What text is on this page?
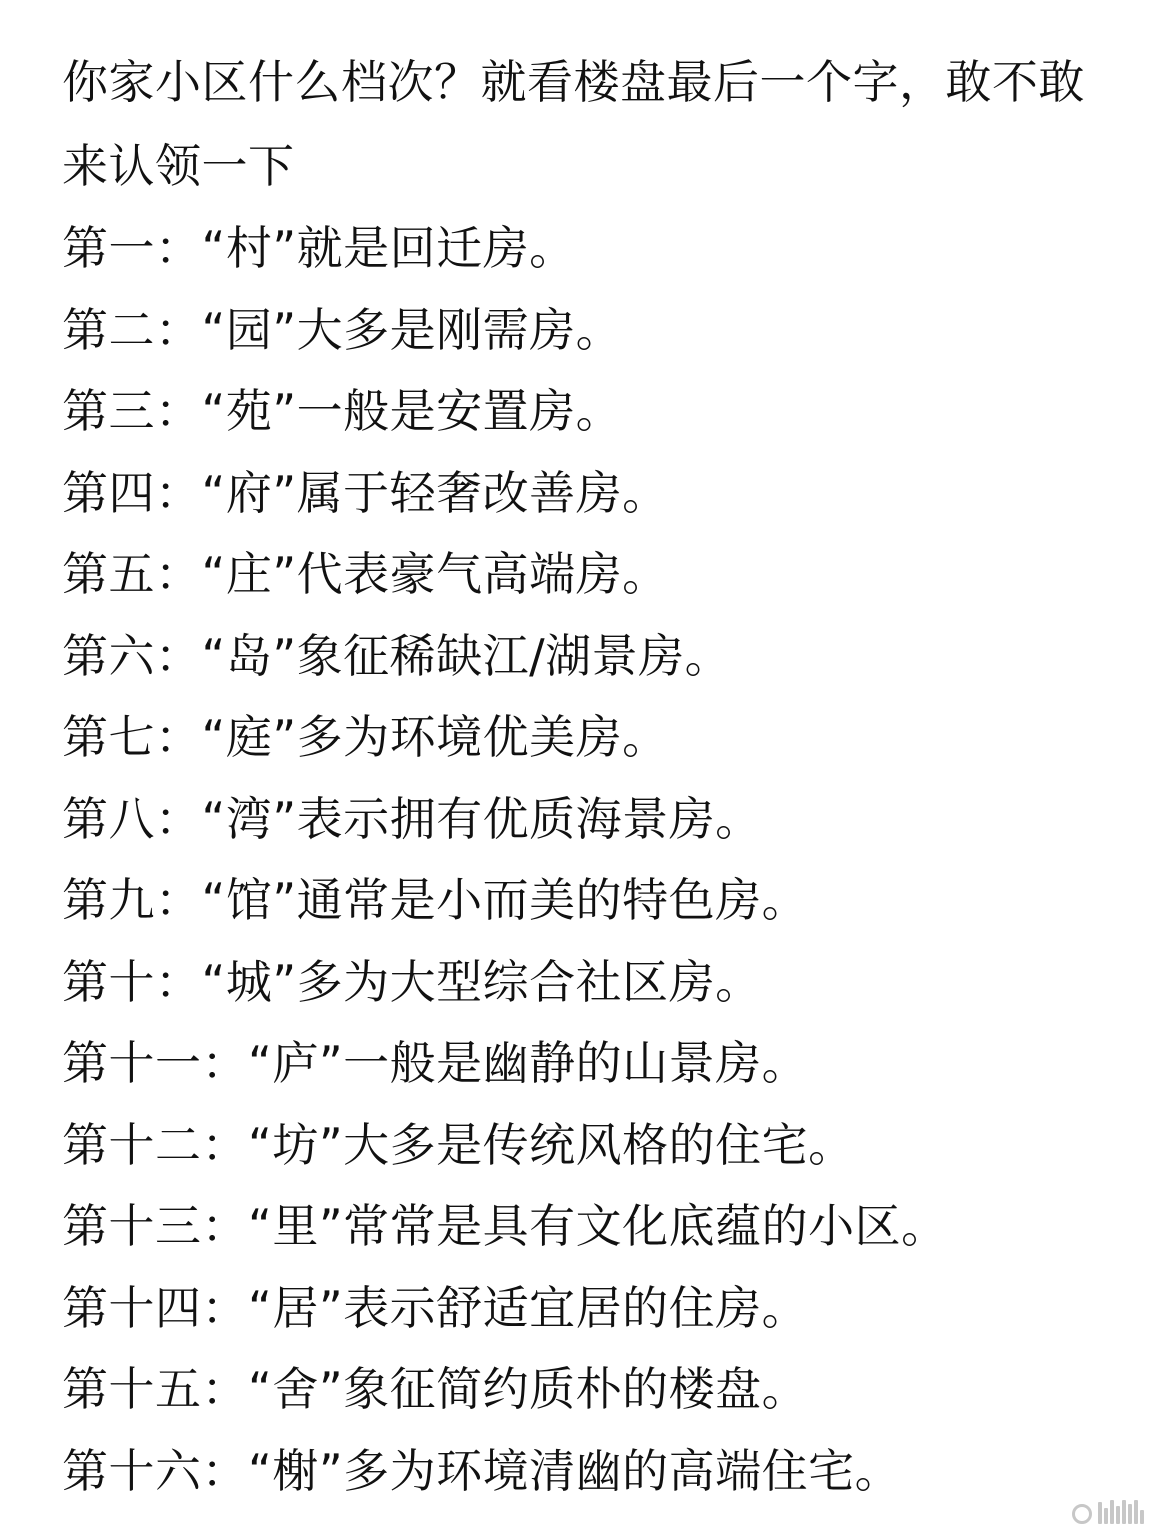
你家小区什么档次？就看楼盘最后一个字，敢不敢来认领一下

第一：“村”就是回迁房。
第二：“园”大多是刚需房。
第三：“苑”一般是安置房。
第四：“府”属于轻奢改善房。
第五：“庄”代表豪气高端房。
第六：“岛”象征稀缺江/湖景房。
第七：“庭”多为环境优美房。
第八：“湾”表示拥有优质海景房。
第九：“馆”通常是小而美的特色房。
第十：“城”多为大型综合社区房。
第十一：“庐”一般是幽静的山景房。
第十二：“坊”大多是传统风格的住宅。
第十三：“里”常常是具有文化底蕴的小区。
第十四：“居”表示舒适宜居的住房。
第十五：“舍”象征简约质朴的楼盘。
第十六：“榭”多为环境清幽的高端住宅。
